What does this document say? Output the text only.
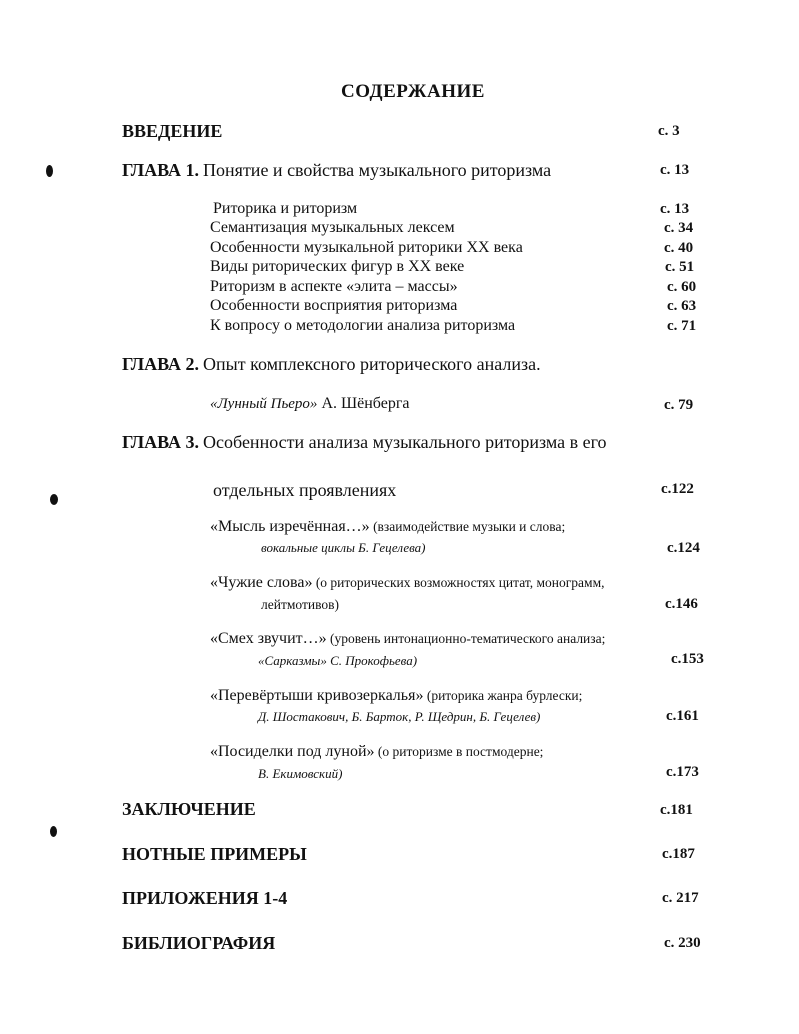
СОДЕРЖАНИЕ
ВВЕДЕНИЕ	с. 3
ГЛАВА 1. Понятие и свойства музыкального риторизма	с. 13
Риторика и риторизм	с. 13
Семантизация музыкальных лексем	с. 34
Особенности музыкальной риторики XX века	с. 40
Виды риторических фигур в XX веке	с. 51
Риторизм в аспекте «элита – массы»	с. 60
Особенности восприятия риторизма	с. 63
К вопросу о методологии анализа риторизма	с. 71
ГЛАВА 2. Опыт комплексного риторического анализа.
«Лунный Пьеро» А. Шёнберга	с. 79
ГЛАВА 3. Особенности анализа музыкального риторизма в его
отдельных проявлениях	с.122
«Мысль изречённая…» (взаимодействие музыки и слова;
вокальные циклы Б. Гецелева)	с.124
«Чужие слова» (о риторических возможностях цитат, монограмм,
лейтмотивов)	с.146
«Смех звучит…» (уровень интонационно-тематического анализа;
«Сарказмы» С. Прокофьева)	с.153
«Перевёртыши кривозеркалья» (риторика жанра бурлески;
Д. Шостакович, Б. Барток, Р. Щедрин, Б. Гецелев)	с.161
«Посиделки под луной» (о риторизме в постмодерне;
В. Екимовский)	с.173
ЗАКЛЮЧЕНИЕ	с.181
НОТНЫЕ ПРИМЕРЫ	с.187
ПРИЛОЖЕНИЯ 1-4	с. 217
БИБЛИОГРАФИЯ	с. 230
